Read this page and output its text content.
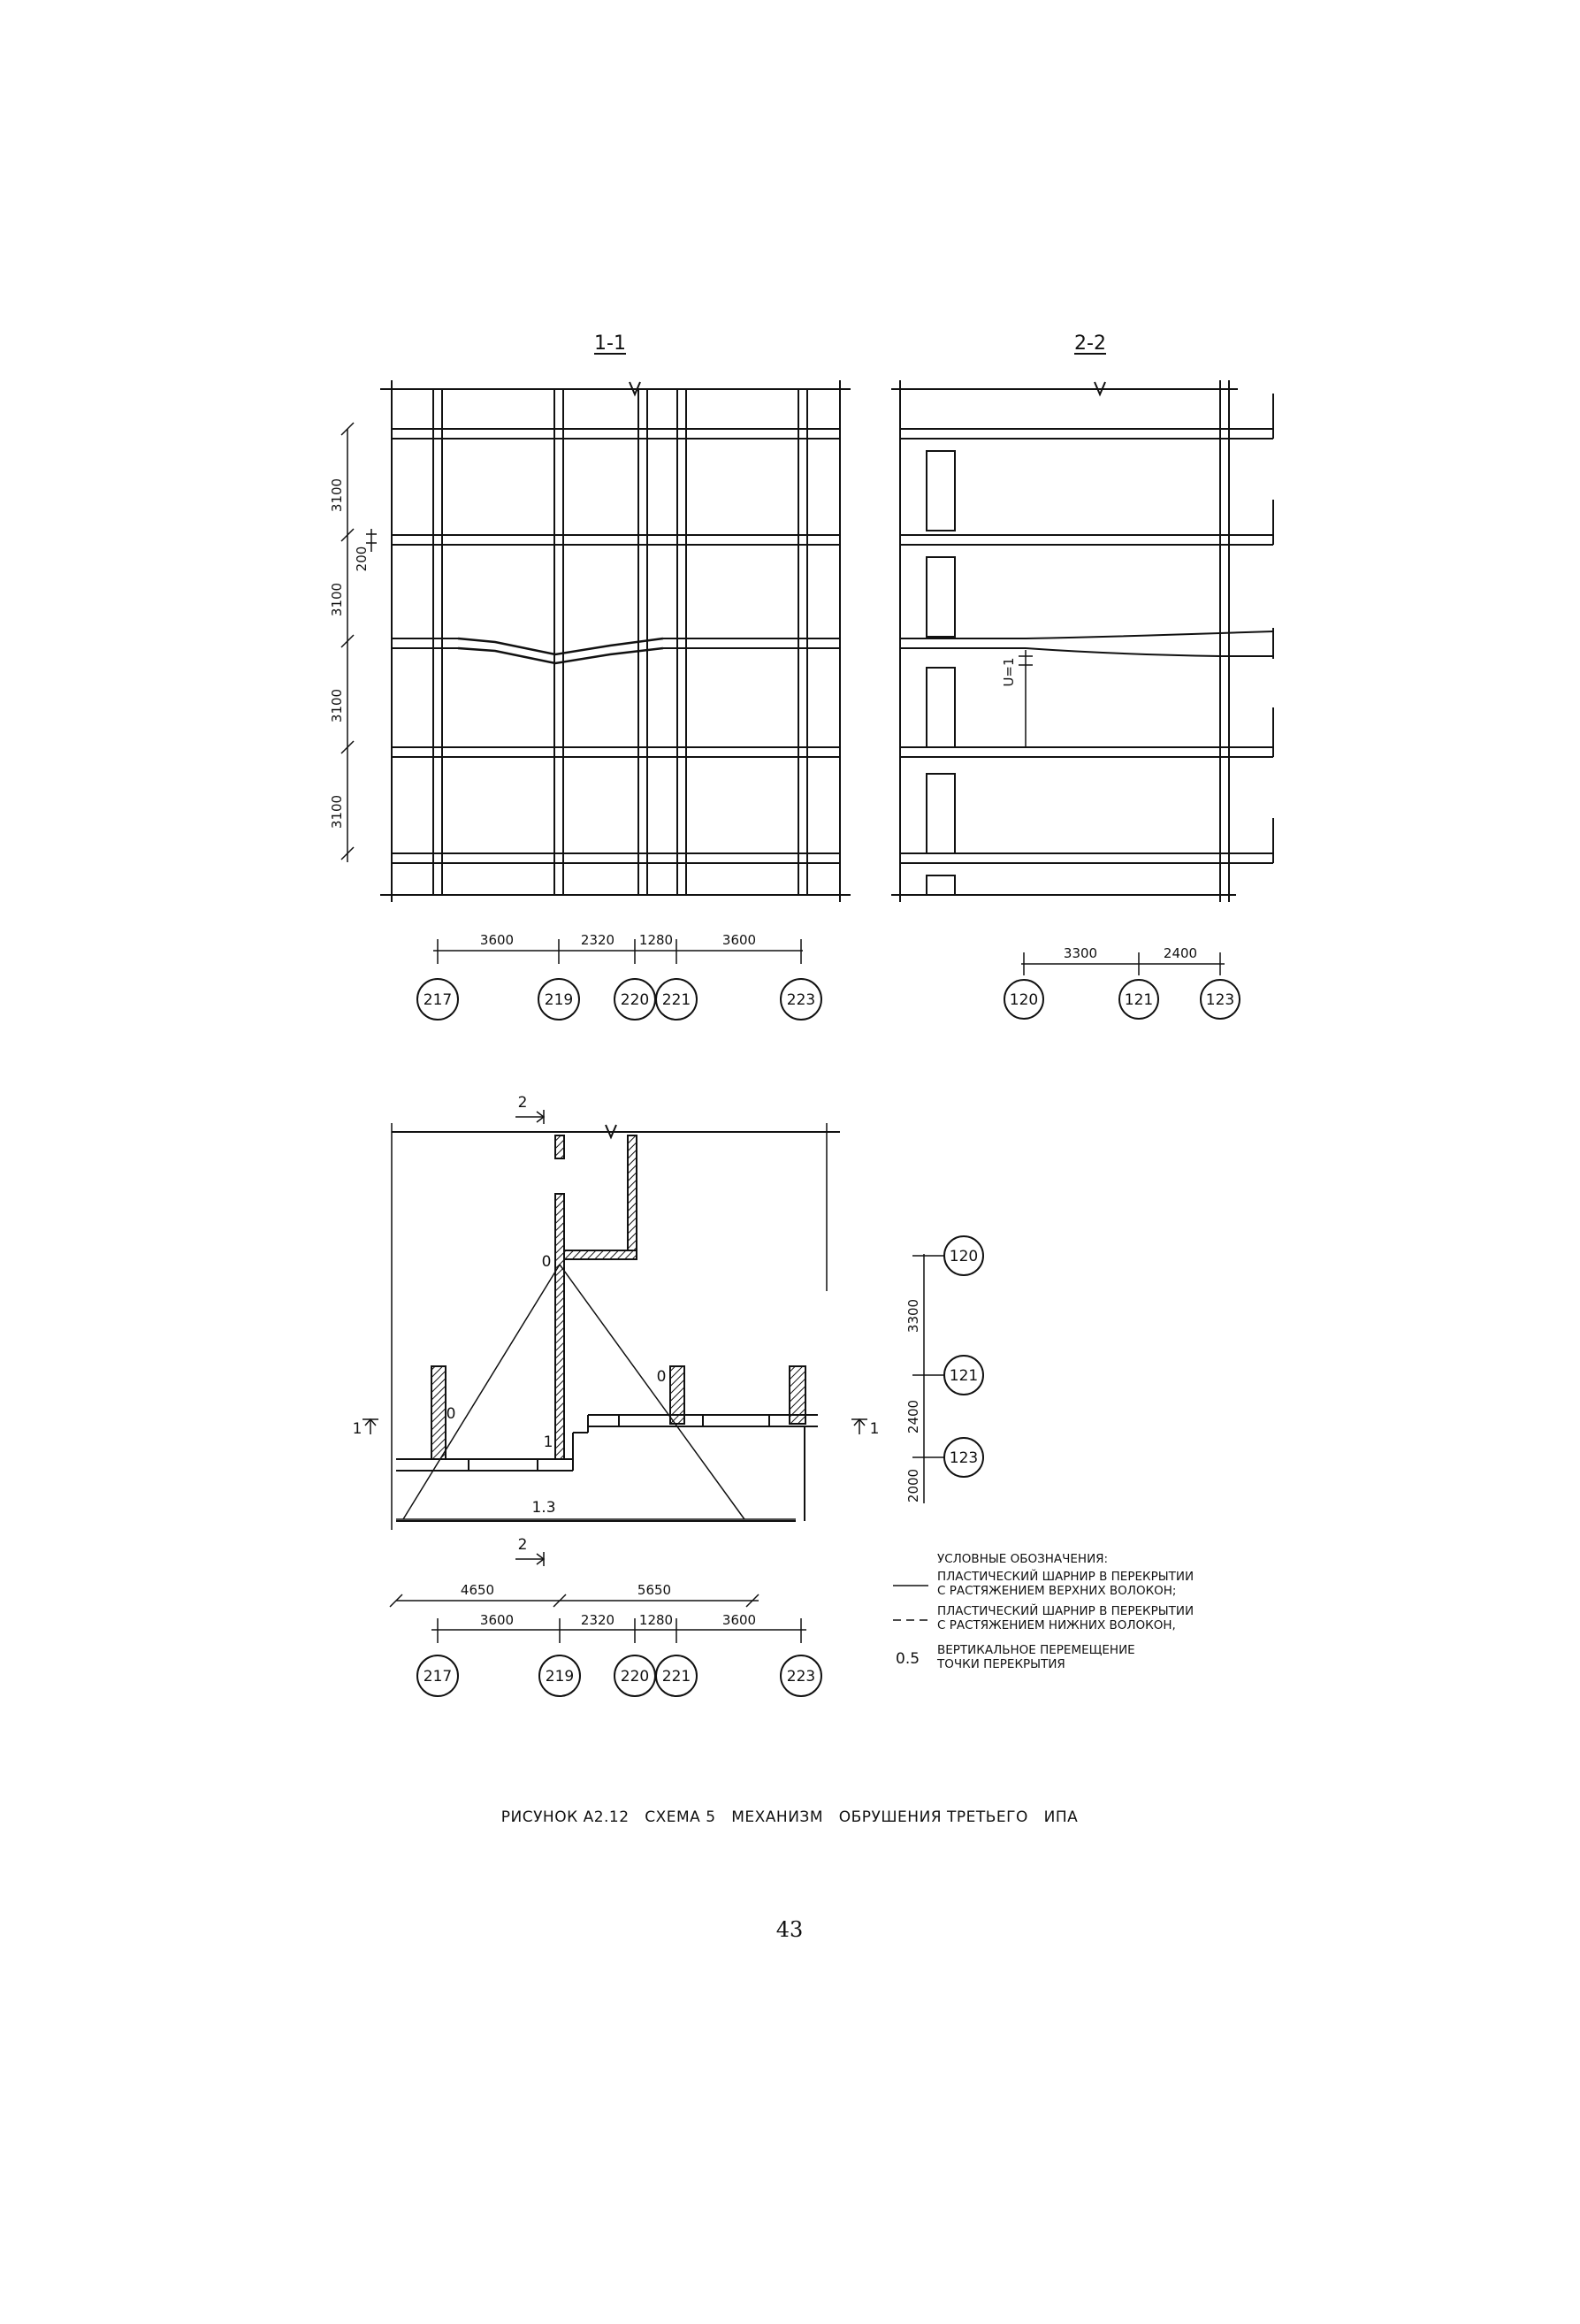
1-1
3100
3100
3100
3100
200
3600	2320 1280	3600
217	219	220 221	223
2-2
U=1
3300	2400
120	121	123
2
2
1	1
0
0
0
1
1.3
4650	5650
3600	2320 1280	3600
217	219	220 221	223
3300
2400
2000
120
121
123
УСЛОВНЫЕ ОБОЗНАЧЕНИЯ:
ПЛАСТИЧЕСКИЙ ШАРНИР В ПЕРЕКРЫТИИ
С РАСТЯЖЕНИЕМ ВЕРХНИХ ВОЛОКОН;
ПЛАСТИЧЕСКИЙ ШАРНИР В ПЕРЕКРЫТИИ
С РАСТЯЖЕНИЕМ НИЖНИХ ВОЛОКОН,
0.5 ВЕРТИКАЛЬНОЕ ПЕРЕМЕЩЕНИЕ
ТОЧКИ ПЕРЕКРЫТИЯ
РИСУНОК А2.12   СХЕМА 5   МЕХАНИЗМ   ОБРУШЕНИЯ ТРЕТЬЕГО   ИПА
43
